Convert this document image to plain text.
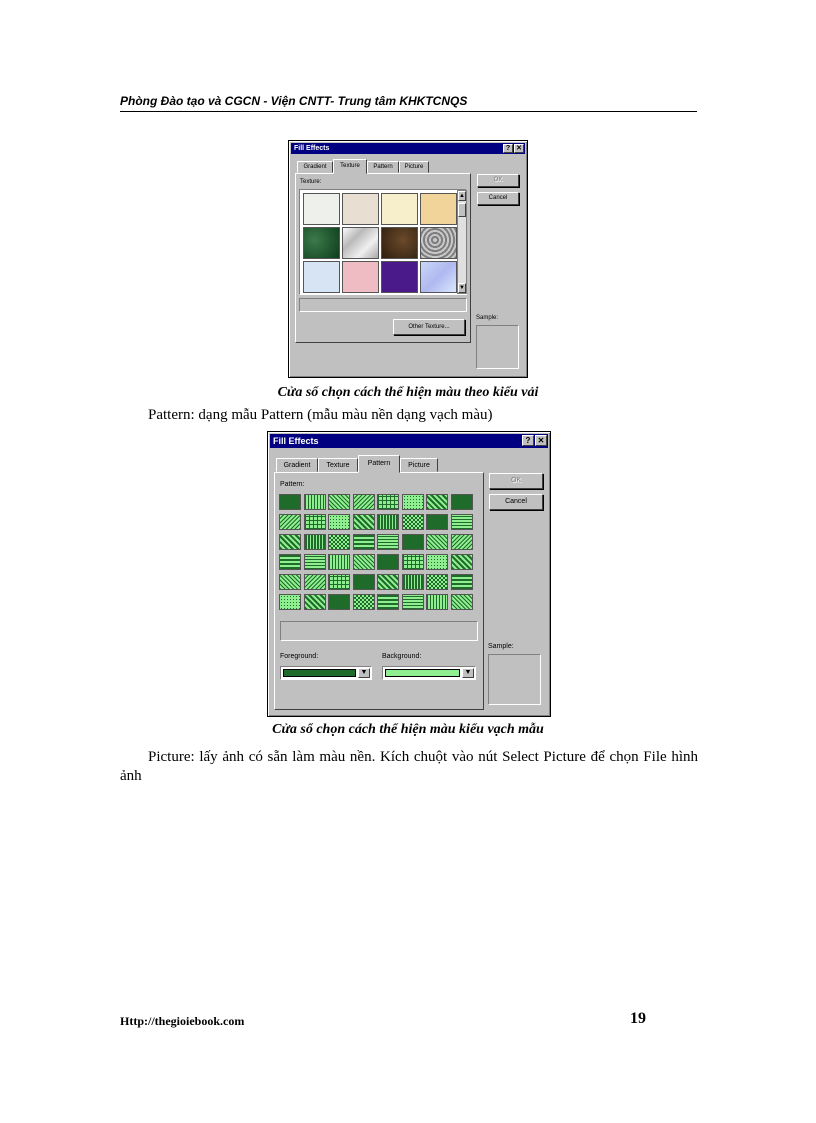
Phòng Đào tạo và CGCN - Viện CNTT- Trung tâm KHKTCNQS
Fill Effects	? ✕
Gradient	Texture	Pattern	Picture
Texture:
▲
▼
Other Texture...
OK
Cancel
Sample:
Cửa sổ chọn cách thể hiện màu theo kiểu vải
Pattern: dạng mẫu Pattern (mẫu màu nền dạng vạch màu)
Fill Effects	? ✕
Gradient	Texture	Pattern	Picture
Pattern:
Foreground:
▼
Background:
▼
OK
Cancel
Sample:
Cửa sổ chọn cách thể hiện màu kiểu vạch mẫu
Picture: lấy ảnh có sẵn làm màu nền. Kích chuột vào nút Select Picture để chọn File hình ảnh
Http://thegioiebook.com	19
